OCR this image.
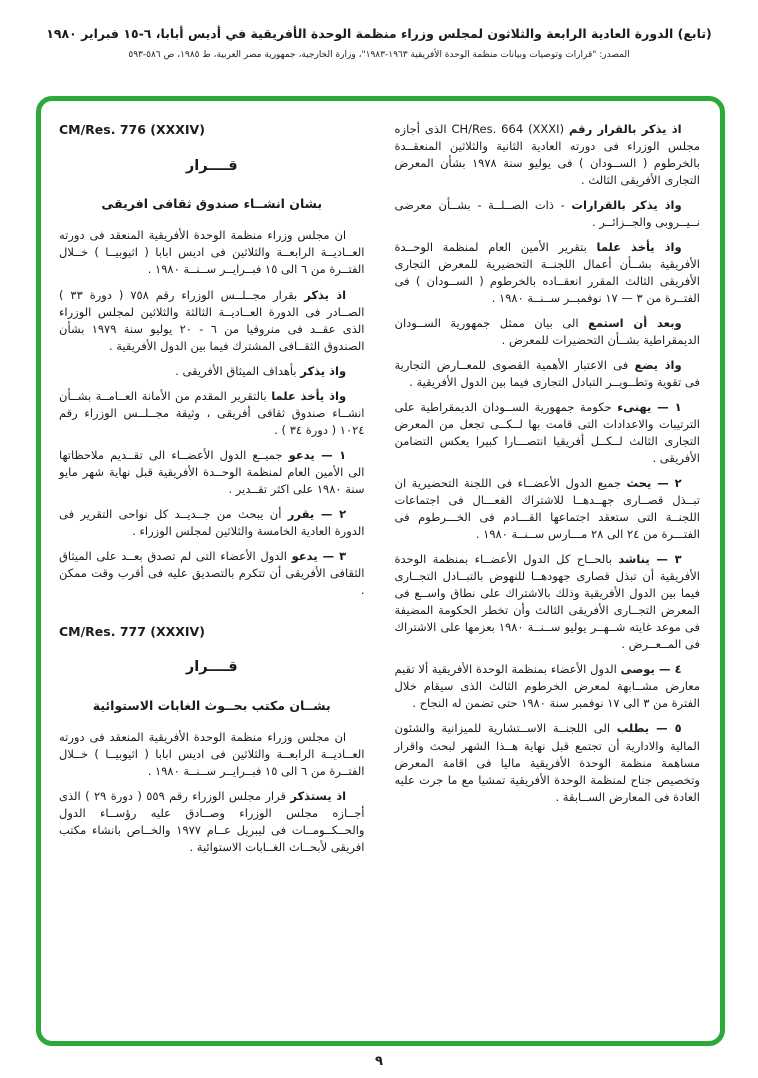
(تابع) الدورة العادية الرابعة والثلاثون لمجلس وزراء منظمة الوحدة الأفريقية في أديس أبابا، ٦-١٥ فبراير ١٩٨٠
المصدر: "قرارات وتوصيات وبيانات منظمة الوحدة الأفريقية ١٩٦٣-١٩٨٣"، وزارة الخارجية، جمهورية مصر العربية، ط ١٩٨٥، ص ٥٨٦-٥٩٣
CM/Res. 776 (XXXIV)
قــــرار
بشان انشــاء صندوق ثقافى افريقى

ان مجلس وزراء منظمة الوحدة الأفريقية المنعقد فى دورته العــاديــة الرابعــة والثلاثين فى اديس ابابا ( اثيوبيــا ) خــلال الفتــرة من ٦ الى ١٥ فبــرايــر ســنــة ١٩٨٠ .

اذ يذكر بقرار مجــلــس الوزراء رقم ٧٥٨ ( دورة ٣٣ ) الصــادر فى الدورة العــاديــة الثالثة والثلاثين لمجلس الوزراء الذى عقــد فى منروفيا من ٦ - ٢٠ يوليو سنة ١٩٧٩ بشأن الصندوق الثقــافى المشترك فيما بين الدول الأفريقية .

واذ يذكر بأهداف الميثاق الأفريقى .

واذ يأخذ علما بالتقرير المقدم من الأمانة العــامــة بشــأن انشــاء صندوق ثقافى أفريقى ، وثيقة مجــلــس الوزراء رقم ١٠٢٤ ( دورة ٣٤ ) .

١ — يدعو جميــع الدول الأعضــاء الى تقــديم ملاحظاتها الى الأمين العام لمنظمة الوحــدة الأفريقية قبل نهاية شهر مايو سنة ١٩٨٠ على اكثر تقــدير .

٢ — يقرر أن يبحث من جــديــد كل نواحى التقرير فى الدورة العادية الخامسة والثلاثين لمجلس الوزراء .

٣ — يدعو الدول الأعضاء التى لم تصدق بعــد على الميثاق الثقافى الأفريقى أن تتكرم بالتصديق عليه فى أقرب وقت ممكن .

CM/Res. 777 (XXXIV)
قــــرار
بشــان مكتب بحــوث الغابات الاستوائية

ان مجلس وزراء منظمة الوحدة الأفريقية المنعقد فى دورته العــاديــة الرابعــة والثلاثين فى اديس ابابا ( اثيوبيــا ) خــلال الفتــرة من ٦ الى ١٥ فبــرايــر ســنــة ١٩٨٠ .

اذ يستذكر قرار مجلس الوزراء رقم ٥٥٩ ( دورة ٢٩ ) الذى أجــازه مجلس الوزراء وصــادق عليه رؤســاء الدول والحــكــومــات فى ليبريل عــام ١٩٧٧ والخــاص بانشاء مكتب افريقى لأبحــاث الغــابات الاستوائية .

اذ يذكر بالقرار رقم CH/Res. 664 (XXXI) الذى أجازه مجلس الوزراء فى دورته العادية الثانية والثلاثين المنعقــدة بالخرطوم ( الســودان ) فى يوليو سنة ١٩٧٨ بشأن المعرض التجارى الأفريقى الثالث .

واذ يذكر بالقرارات - ذات الصــلــة - بشــأن معرضى نــيــروبى والجــزائــر .

واذ يأخذ علما بتقرير الأمين العام لمنظمة الوحــدة الأفريقية بشــأن أعمال اللجنــة التحضيرية للمعرض التجارى الأفريقى الثالث المقرر انعقــاده بالخرطوم ( الســودان ) فى الفتــرة من ٣ — ١٧ نوفمبــر ســنــة ١٩٨٠ .

وبعد أن استمع الى بيان ممثل جمهورية الســودان الديمقراطية بشــأن التحضيرات للمعرض .

واذ يضع فى الاعتبار الأهمية القصوى للمعــارض التجارية فى تقوية وتطــويــر التبادل التجارى فيما بين الدول الأفريقية .

١ — يهنىء حكومة جمهورية الســودان الديمقراطية على الترتيبات والاعدادات التى قامت بها لــكــى تجعل من المعرض التجارى الثالث لــكــل أفريقيا انتصـــارا كبيرا يعكس التضامن الأفريقى .

٢ — يحث جميع الدول الأعضــاء فى اللجنة التحضيرية ان تبــذل قصــارى جهــدهــا للاشتراك الفعـــال فى اجتماعات اللجنــة التى ستعقد اجتماعها القـــادم فى الخـــرطوم فى الفتـــرة من ٢٤ الى ٢٨ مـــارس ســنــة ١٩٨٠ .

٣ — يناشد بالحــاح كل الدول الأعضــاء بمنظمة الوحدة الأفريقية أن تبذل قصارى جهودهــا للنهوض بالتبــادل التجــارى فيما بين الدول الأفريقية وذلك بالاشتراك على نطاق واســع فى المعرض التجــارى الأفريقى الثالث وأن تخطر الحكومة المضيفة فى موعد غايته شــهــر يوليو ســنــة ١٩٨٠ بعزمها على الاشتراك فى المــعــرض .

٤ — يوصى الدول الأعضاء بمنظمة الوحدة الأفريقية ألا تقيم معارض مشــابهة لمعرض الخرطوم الثالث الذى سيقام خلال الفترة من ٣ الى ١٧ نوفمبر سنة ١٩٨٠ حتى تضمن له النجاح .

٥ — يطلب الى اللجنــة الاســتشارية للميزانية والشئون المالية والادارية أن تجتمع قبل نهاية هــذا الشهر لبحث واقرار مساهمة منظمة الوحدة الأفريقية ماليا فى اقامة المعرض وتخصيص جناح لمنظمة الوحدة الأفريقية تمشيا مع ما جرت عليه العادة فى المعارض الســابقة .

٩
